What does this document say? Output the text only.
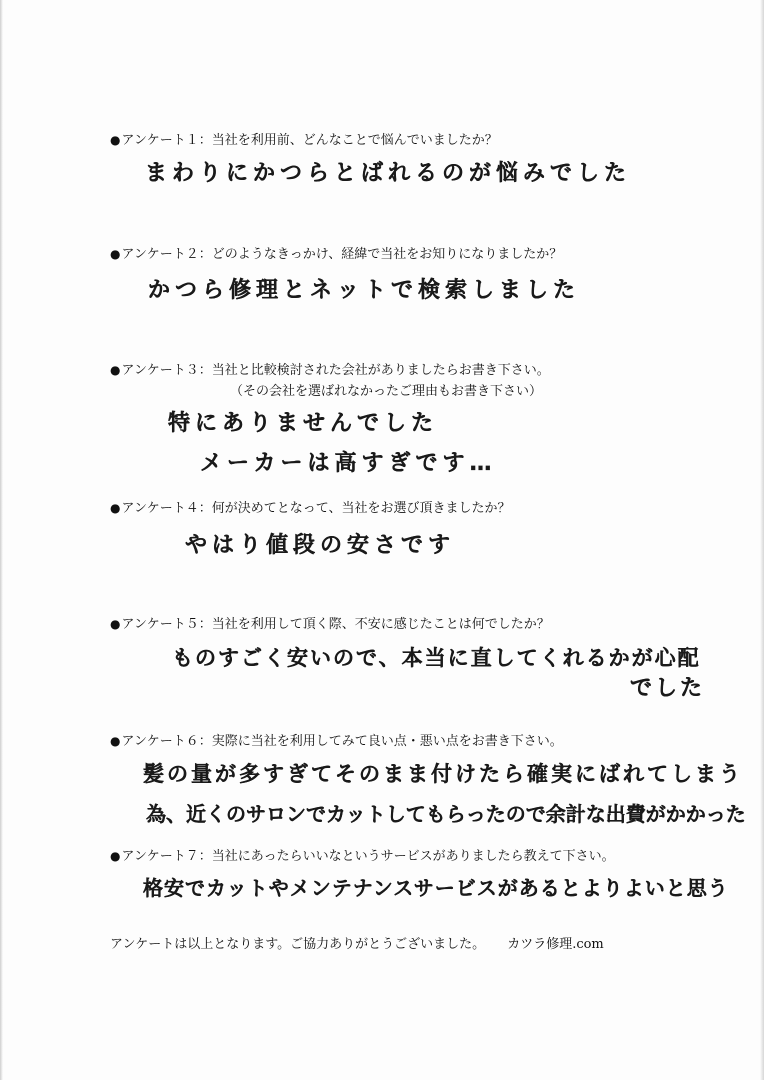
●アンケート１：当社を利用前、どんなことで悩んでいましたか？
まわりにかつらとばれるのが悩みでした
●アンケート２：どのようなきっかけ、経緯で当社をお知りになりましたか？
かつら修理とネットで検索しました
●アンケート３：当社と比較検討された会社がありましたらお書き下さい。
（その会社を選ばれなかったご理由もお書き下さい）
特にありませんでした
メーカーは高すぎです…
●アンケート４：何が決めてとなって、当社をお選び頂きましたか？
やはり値段の安さです
●アンケート５：当社を利用して頂く際、不安に感じたことは何でしたか？
ものすごく安いので、本当に直してくれるかが心配
でした
●アンケート６：実際に当社を利用してみて良い点・悪い点をお書き下さい。
髪の量が多すぎてそのまま付けたら確実にばれてしまう
為、近くのサロンでカットしてもらったので余計な出費がかかった
●アンケート７：当社にあったらいいなというサービスがありましたら教えて下さい。
格安でカットやメンテナンスサービスがあるとよりよいと思う
アンケートは以上となります。ご協力ありがとうございました。 カツラ修理.com
